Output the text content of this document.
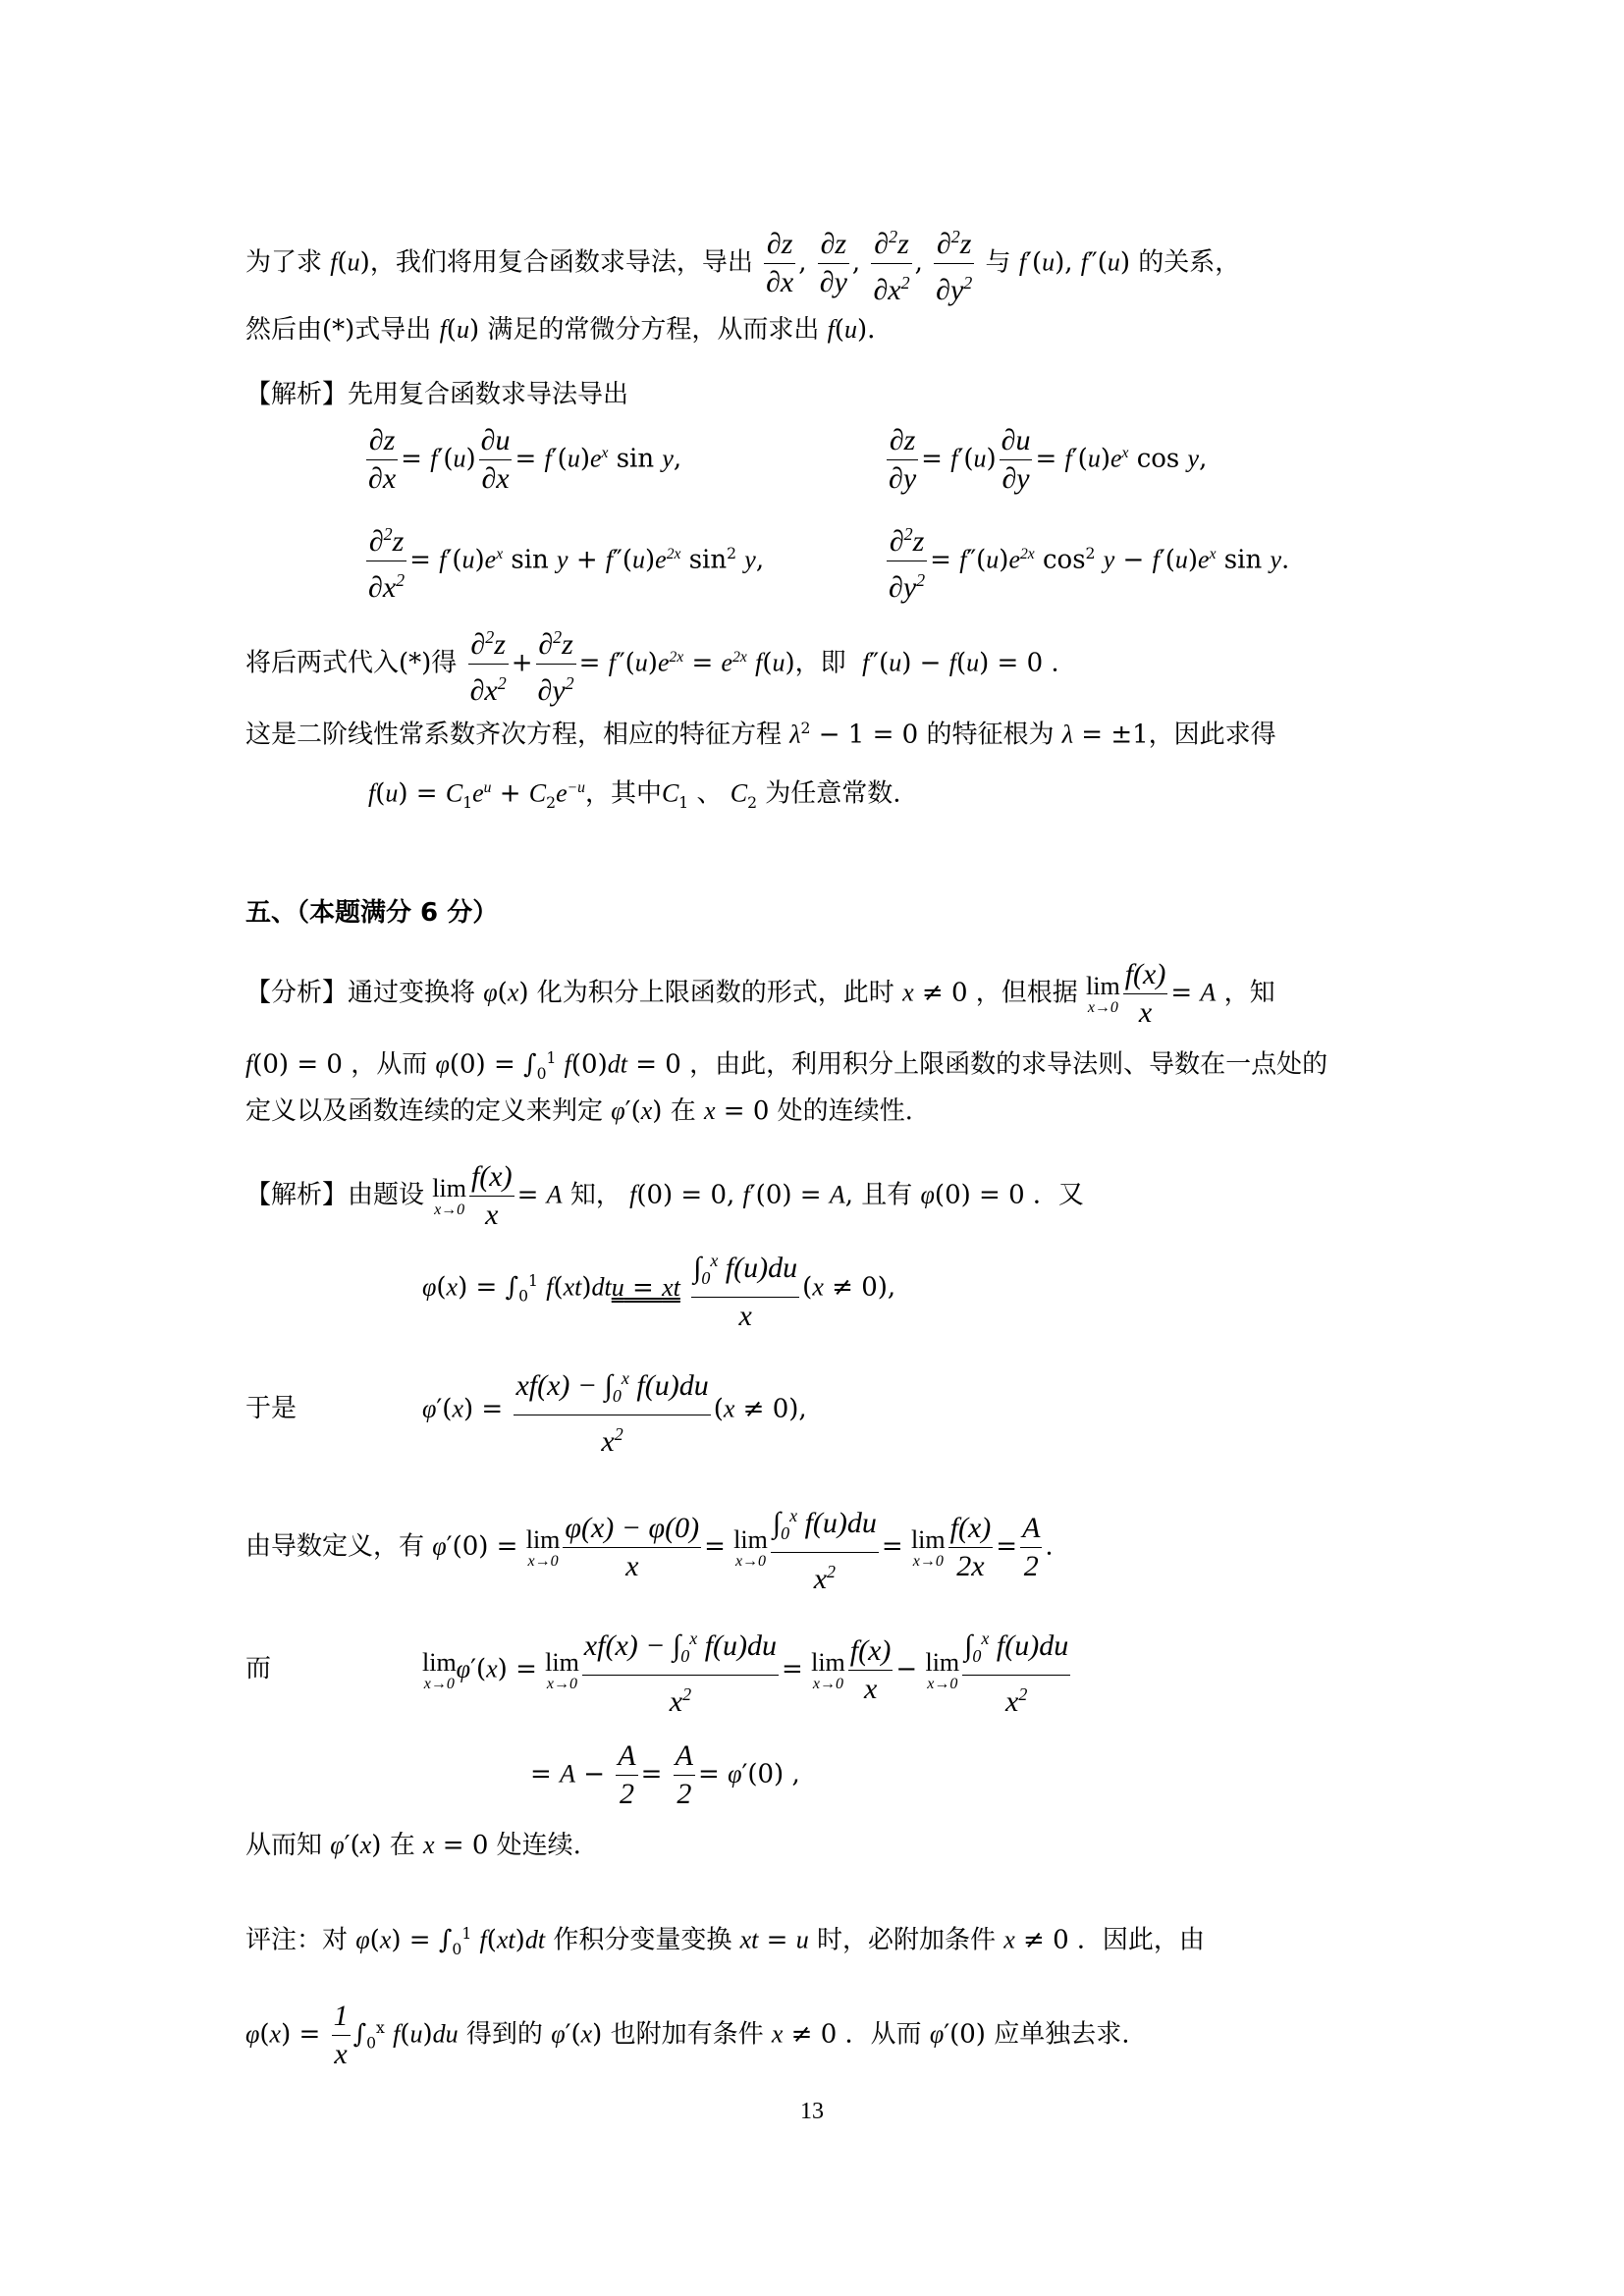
为了求 f(u)，我们将用复合函数求导法，导出 $\frac{\partial z}{\partial x}$ , $\frac{\partial z}{\partial y}$ , $\frac{\partial^2z}{\partial x^2}$ , $\frac{\partial^2z}{\partial y^2}$ 与 f′(u), f″(u) 的关系，
然后由(*)式导出 f(u) 满足的常微分方程，从而求出 f(u)．
【解析】先用复合函数求导法导出
$\frac{\partial z}{\partial x} = f'(u) \frac{\partial u}{\partial x} = f'(u)e^x$ sin y,	$\frac{\partial z}{\partial y} = f'(u) \frac{\partial u}{\partial y} = f'(u)e^x$ cos y,
$\frac{\partial^2z}{\partial x^2} = f'(u)e^x$ $\sin y + f''(u)e^{2x}$ $\sin^2 y$,	$\frac{\partial^2z}{\partial y^2} = f''(u)e^{2x}$ $\cos^2 y - f'(u)e^x$ sin y.
将后两式代入(*)得 $\frac{\partial^2z}{\partial x^2} + \frac{\partial^2z}{\partial y^2} = f''(u)e^{2x} = e^{2x}$ f(u)，即 f″(u) − f(u) = 0 .
这是二阶线性常系数齐次方程，相应的特征方程 $\lambda^2 - 1 = 0$ 的特征根为 λ = ±1，因此求得
$f(u) = C_1e^u + C_2e^{-u}$，其中$C_1$ 、 $C_2$ 为任意常数.
五、（本题满分 6 分）
【分析】通过变换将 φ(x) 化为积分上限函数的形式，此时 x ≠ 0 ，但根据 lim
$x\to 0 \frac{f(x)}{x} = A$ ，知
f(0) = 0 ，从而 $\varphi(0) = \int_0^1$ f(0)dt = 0 ，由此，利用积分上限函数的求导法则、导数在一点处的
定义以及函数连续的定义来判定 φ′(x) 在 x = 0 处的连续性.
【解析】由题设 lim
$x\to 0 \frac{f(x)}{x} = A$ 知， f(0) = 0, f′(0) = A, 且有 φ(0) = 0 ．又
$\varphi(x) = \int_0^1$ f(xt)dtu = xt $\frac{\int_0^x f(u)du}{x} (x \ne 0)$,
于是	$\varphi'(x) = \frac{xf(x) - \int_0^x f(u)du}{x^2} (x \ne 0)$,
由导数定义，有 φ′(0) = lim
$x\to 0 \frac{\varphi(x) - \varphi(0)}{x} = \lim$
$x\to 0 \frac{\int_0^x f(u)du}{x^2} = \lim$
$x\to 0 \frac{f(x)}{2x} = \frac{A}{2}$ .
而	lim
x→0
φ′(x) = lim
$x\to 0 \frac{xf(x) - \int_0^x f(u)du}{x^2} = \lim$
$x\to 0 \frac{f(x)}{x} - \lim$
$x\to 0 \frac{\int_0^x f(u)du}{x^2}$
= $A - \frac{A}{2} = \frac{A}{2} = \varphi'(0)$ ,
从而知 φ′(x) 在 x = 0 处连续.
评注：对 $\varphi(x) = \int_0^1$ f(xt)dt 作积分变量变换 xt = u 时，必附加条件 x ≠ 0 ．因此，由
$\varphi(x) = \frac{1}{x} \int_0^x$ f(u)du 得到的 φ′(x) 也附加有条件 x ≠ 0 ．从而 φ′(0) 应单独去求.
13
